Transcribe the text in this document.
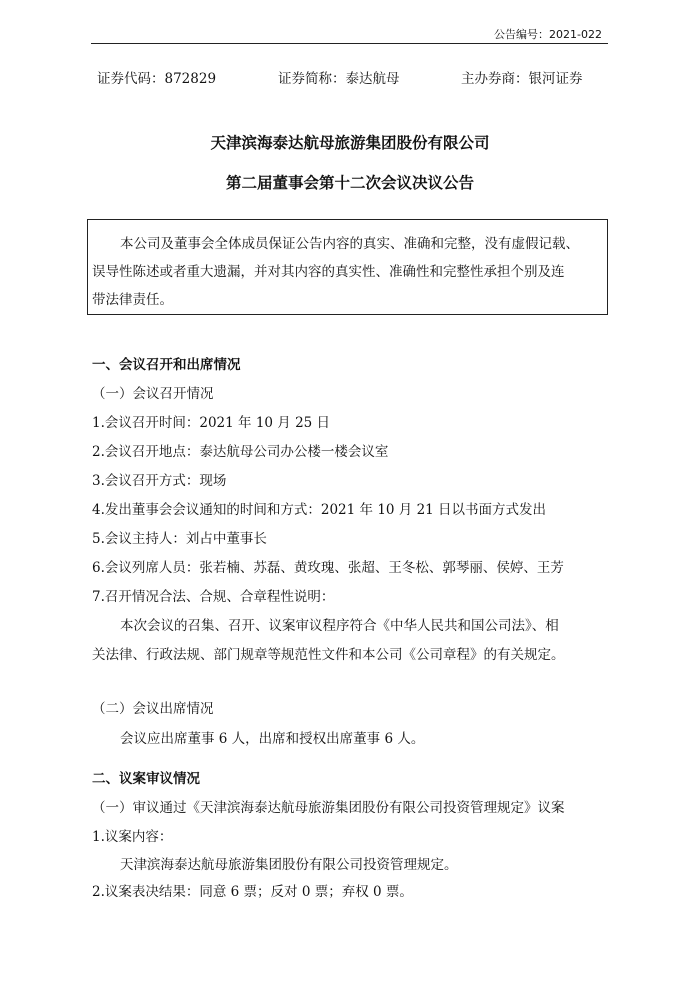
公告编号：2021-022
证券代码：872829	证券简称：泰达航母	主办券商：银河证券
天津滨海泰达航母旅游集团股份有限公司
第二届董事会第十二次会议决议公告
本公司及董事会全体成员保证公告内容的真实、准确和完整，没有虚假记载、
误导性陈述或者重大遗漏，并对其内容的真实性、准确性和完整性承担个别及连
带法律责任。
一、会议召开和出席情况
（一）会议召开情况
1.会议召开时间：2021 年 10 月 25 日
2.会议召开地点：泰达航母公司办公楼一楼会议室
3.会议召开方式：现场
4.发出董事会会议通知的时间和方式：2021 年 10 月 21 日以书面方式发出
5.会议主持人：刘占中董事长
6.会议列席人员：张若楠、苏磊、黄玫瑰、张超、王冬松、郭琴丽、侯婷、王芳
7.召开情况合法、合规、合章程性说明：
本次会议的召集、召开、议案审议程序符合《中华人民共和国公司法》、相
关法律、行政法规、部门规章等规范性文件和本公司《公司章程》的有关规定。
（二）会议出席情况
会议应出席董事 6 人，出席和授权出席董事 6 人。
二、议案审议情况
（一）审议通过《天津滨海泰达航母旅游集团股份有限公司投资管理规定》议案
1.议案内容：
天津滨海泰达航母旅游集团股份有限公司投资管理规定。
2.议案表决结果：同意 6 票；反对 0 票；弃权 0 票。
